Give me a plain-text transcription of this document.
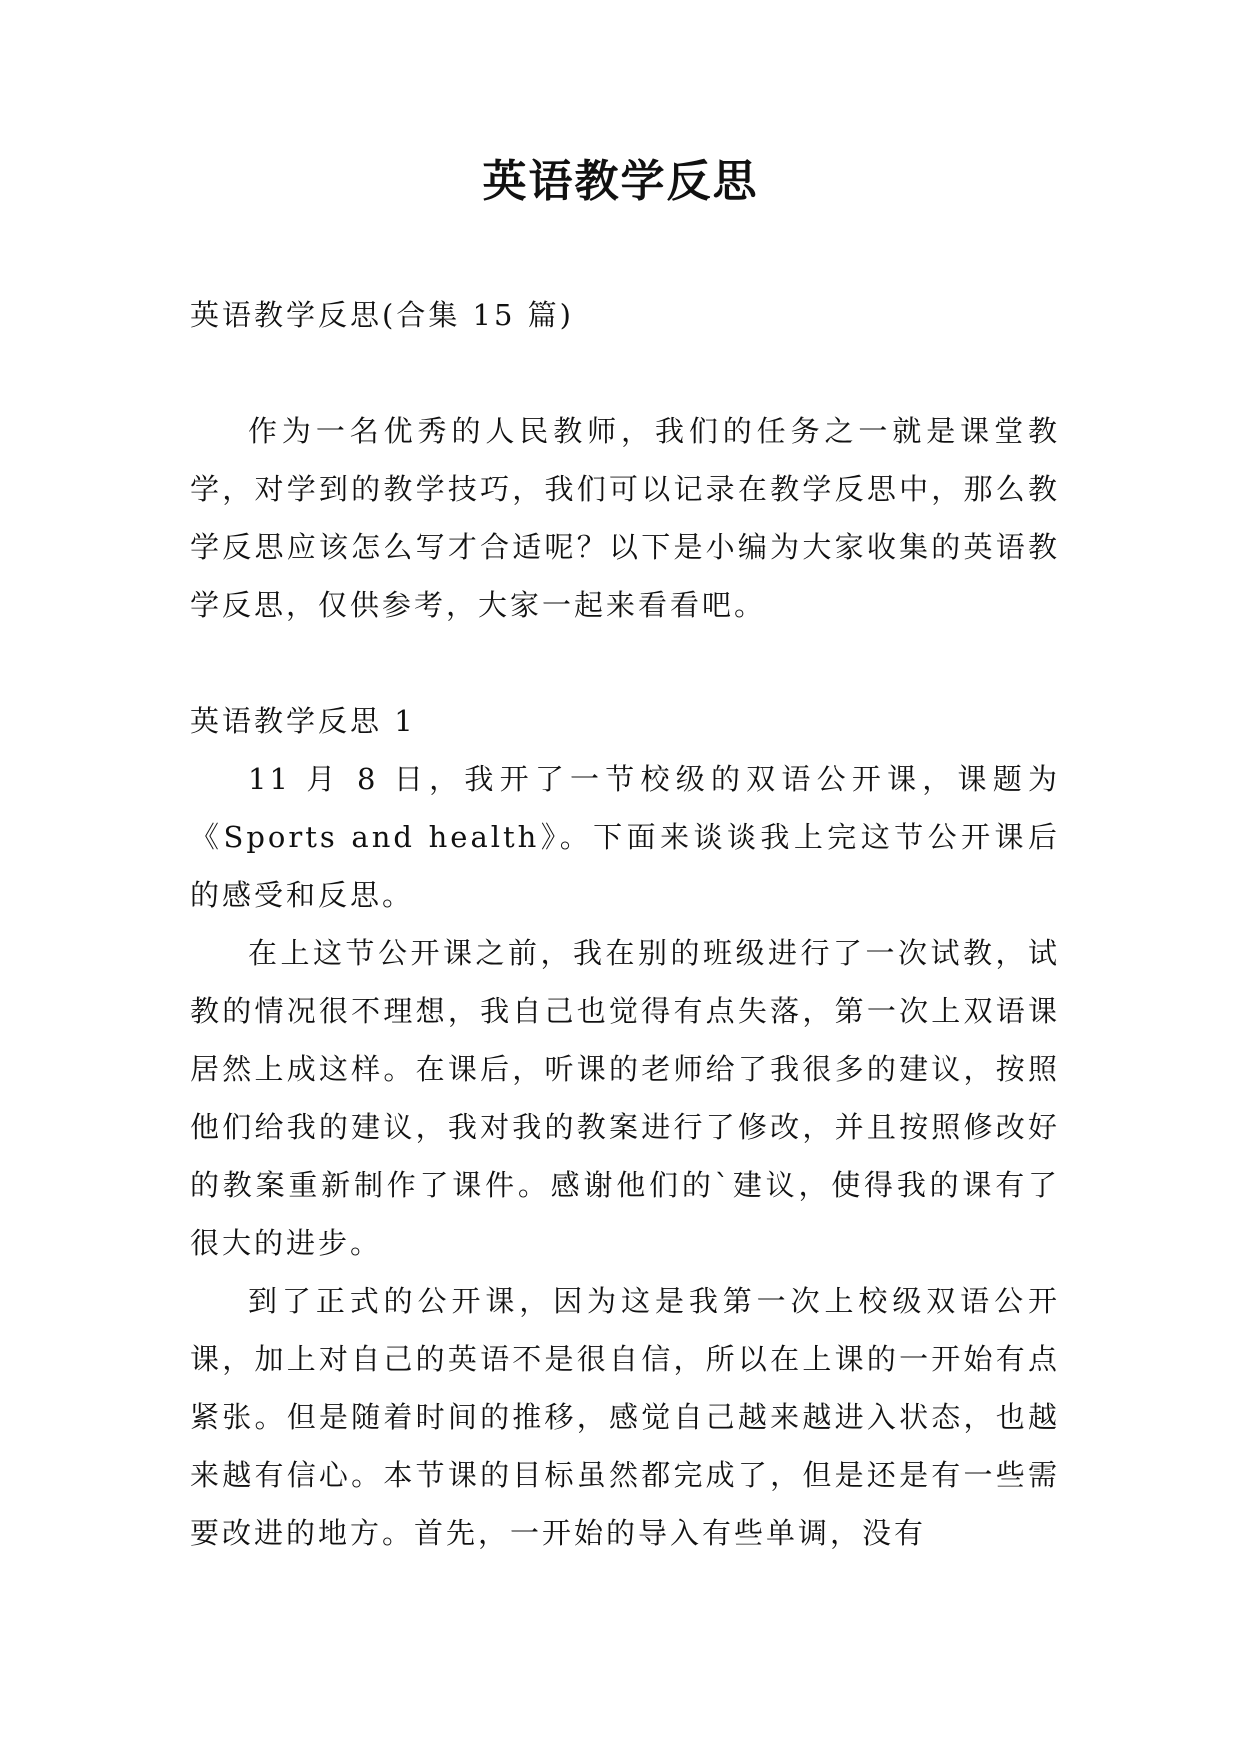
英语教学反思
英语教学反思(合集 15 篇)

作为一名优秀的人民教师，我们的任务之一就是课堂教学，对学到的教学技巧，我们可以记录在教学反思中，那么教学反思应该怎么写才合适呢？以下是小编为大家收集的英语教学反思，仅供参考，大家一起来看看吧。

英语教学反思 1

11 月 8 日，我开了一节校级的双语公开课，课题为《Sports and health》。下面来谈谈我上完这节公开课后的感受和反思。

在上这节公开课之前，我在别的班级进行了一次试教，试教的情况很不理想，我自己也觉得有点失落，第一次上双语课居然上成这样。在课后，听课的老师给了我很多的建议，按照他们给我的建议，我对我的教案进行了修改，并且按照修改好的教案重新制作了课件。感谢他们的`建议，使得我的课有了很大的进步。

到了正式的公开课，因为这是我第一次上校级双语公开课，加上对自己的英语不是很自信，所以在上课的一开始有点紧张。但是随着时间的推移，感觉自己越来越进入状态，也越来越有信心。本节课的目标虽然都完成了，但是还是有一些需要改进的地方。首先，一开始的导入有些单调，没有
